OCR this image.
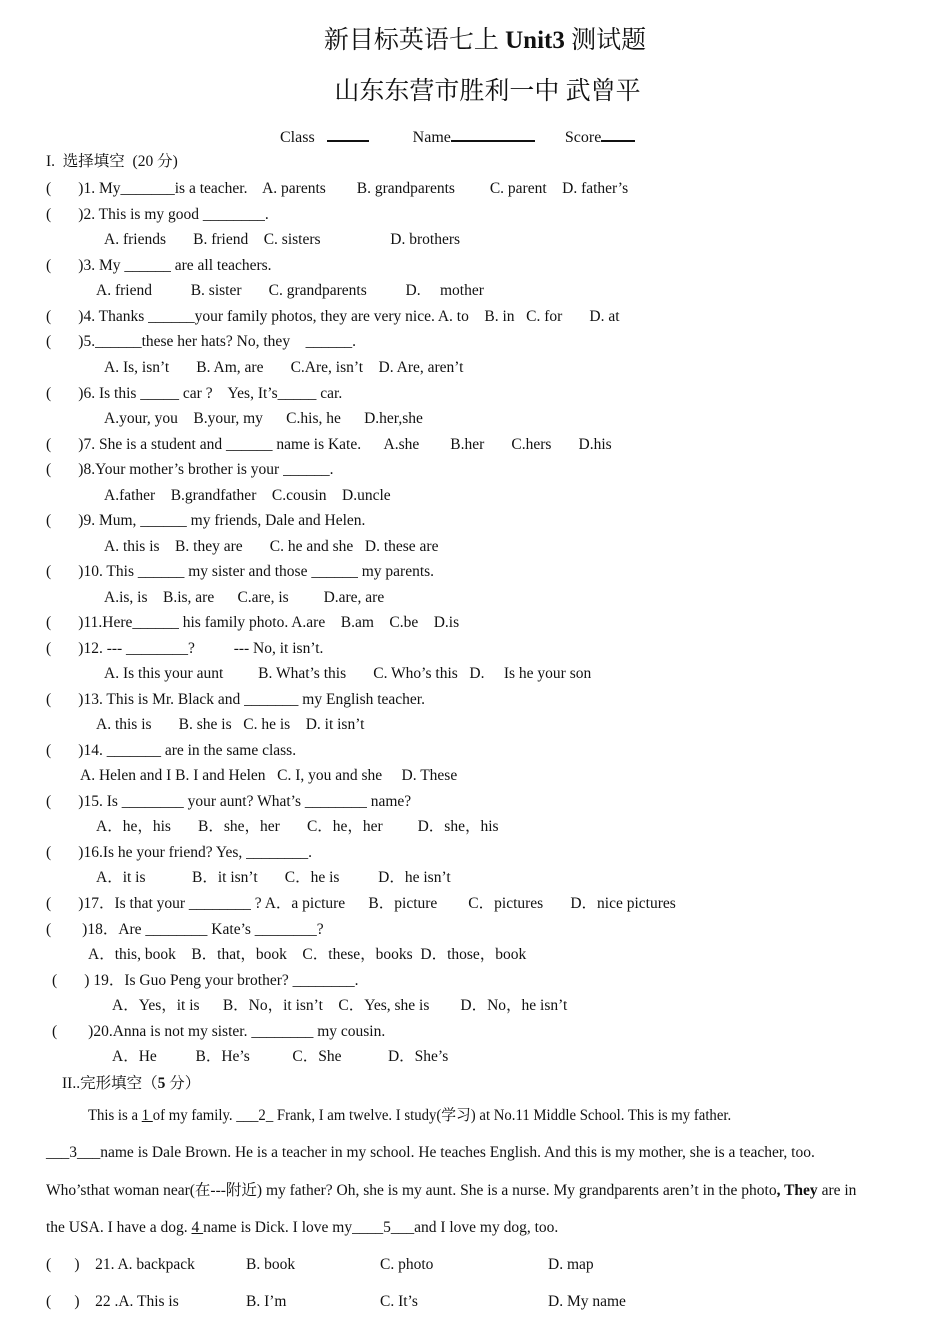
新目标英语七上 Unit3 测试题
山东东营市胜利一中 武曾平
Class	Name	Score
I.  选择填空  (20 分)
(       )1. My_______is a teacher.    A. parents        B. grandparents         C. parent    D. father’s
(       )2. This is my good ________.
A. friends       B. friend    C. sisters                  D. brothers
(       )3. My ______ are all teachers.
A. friend          B. sister       C. grandparents          D.     mother
(       )4. Thanks ______your family photos, they are very nice. A. to    B. in   C. for       D. at
(       )5.______these her hats? No, they    ______.
A. Is, isn’t       B. Am, are       C.Are, isn’t    D. Are, aren’t
(       )6. Is this _____ car ?    Yes, It’s_____ car.
A.your, you    B.your, my      C.his, he      D.her,she
(       )7. She is a student and ______ name is Kate.      A.she        B.her       C.hers       D.his
(       )8.Your mother’s brother is your ______.
A.father    B.grandfather    C.cousin    D.uncle
(       )9. Mum, ______ my friends, Dale and Helen.
A. this is    B. they are       C. he and she   D. these are
(       )10. This ______ my sister and those ______ my parents.
A.is, is    B.is, are      C.are, is         D.are, are
(       )11.Here______ his family photo. A.are    B.am    C.be    D.is
(       )12. --- ________?          --- No, it isn’t.
A. Is this your aunt         B. What’s this       C. Who’s this   D.     Is he your son
(       )13. This is Mr. Black and _______ my English teacher.
A. this is       B. she is   C. he is    D. it isn’t
(       )14. _______ are in the same class.
A. Helen and I B. I and Helen   C. I, you and she     D. These
(       )15. Is ________ your aunt? What’s ________ name?
A．he，his       B．she，her       C．he，her         D．she，his
(       )16.Is he your friend? Yes, ________.
A．it is            B．it isn’t       C．he is          D．he isn’t
(       )17．Is that your ________ ? A．a picture      B．picture        C．pictures       D．nice pictures
(        )18．Are ________ Kate’s ________?
A．this, book    B．that，book    C．these，books  D．those，book
(       ) 19．Is Guo Peng your brother? ________.
A．Yes，it is      B．No，it isn’t    C．Yes, she is        D．No，he isn’t
(        )20.Anna is not my sister. ________ my cousin.
A．He          B．He’s           C．She            D．She’s
II..完形填空（5 分）
This is a 1 of my family. ___2_ Frank, I am twelve. I study(学习) at No.11 Middle School. This is my father.
___3___name is Dale Brown. He is a teacher in my school. He teaches English. And this is my mother, she is a teacher, too.
Who’sthat woman near(在---附近) my father? Oh, she is my aunt. She is a nurse. My grandparents aren’t in the photo, They are in
the USA. I have a dog. 4 name is Dick. I love my____5___and I love my dog, too.
(      )    21. A. backpack	B. book	C. photo	D. map
(      )    22 .A. This is	B. I’m	C. It’s	D. My name
